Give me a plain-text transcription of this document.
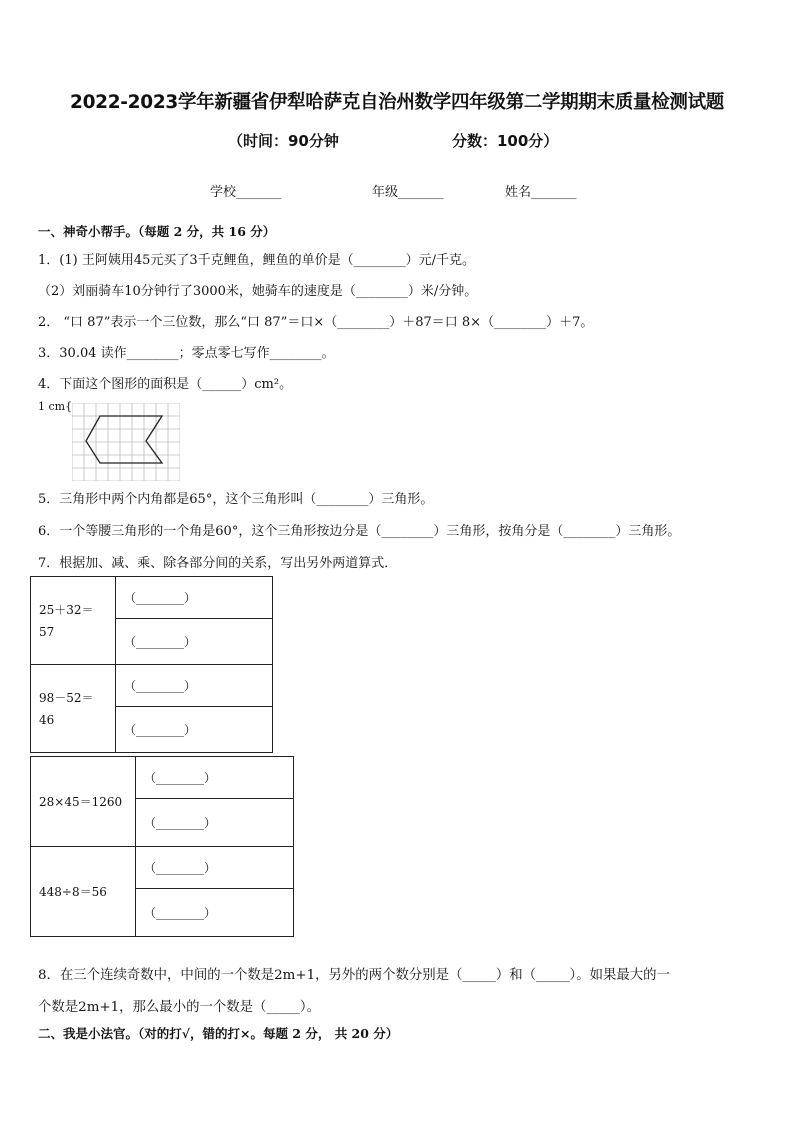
2022-2023学年新疆省伊犁哈萨克自治州数学四年级第二学期期末质量检测试题
（时间：90分钟	分数：100分）
学校_______	年级_______	姓名_______
一、神奇小帮手。（每题 2 分，共 16 分）
1．(1) 王阿姨用45元买了3千克鲤鱼，鲤鱼的单价是（________）元/千克。
（2）刘丽骑车10分钟行了3000米，她骑车的速度是（________）米/分钟。
2． “口 87”表示一个三位数，那么“口 87”＝口×（________）＋87＝口 8×（________）＋7。
3．30.04 读作________；零点零七写作________。
4．下面这个图形的面积是（______）cm²。
1 cm{
5．三角形中两个内角都是65°，这个三角形叫（________）三角形。
6．一个等腰三角形的一个角是60°，这个三角形按边分是（________）三角形，按角分是（________）三角形。
7．根据加、减、乘、除各部分间的关系，写出另外两道算式．
25＋32＝
57	（________）
	（________）

98－52＝
46	（________）
	（________）
28×45＝1260	（________）
	（________）
448÷8＝56	（________）
	（________）
8．在三个连续奇数中，中间的一个数是2m+1，另外的两个数分别是（_____）和（_____）。如果最大的一
个数是2m+1，那么最小的一个数是（_____）。
二、我是小法官。（对的打√，错的打×。每题 2 分， 共 20 分）
